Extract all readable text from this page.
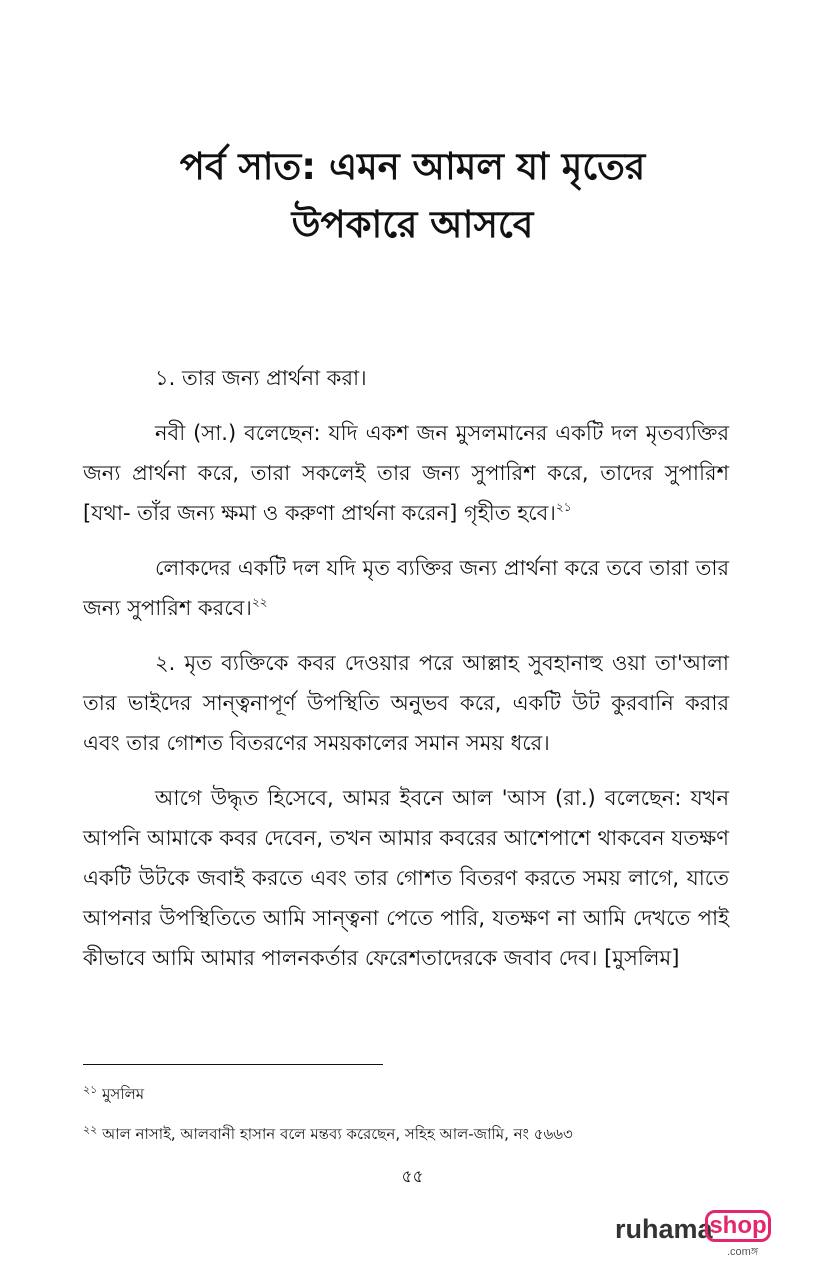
পর্ব সাত: এমন আমল যা মৃতের
উপকারে আসবে

১. তার জন্য প্রার্থনা করা।

নবী (সা.) বলেছেন: যদি একশ জন মুসলমানের একটি দল মৃতব্যক্তির জন্য প্রার্থনা করে, তারা সকলেই তার জন্য সুপারিশ করে, তাদের সুপারিশ [যথা- তাঁর জন্য ক্ষমা ও করুণা প্রার্থনা করেন] গৃহীত হবে।$^{২১}$

লোকদের একটি দল যদি মৃত ব্যক্তির জন্য প্রার্থনা করে তবে তারা তার জন্য সুপারিশ করবে।$^{২২}$

২. মৃত ব্যক্তিকে কবর দেওয়ার পরে আল্লাহ সুবহানাহু ওয়া তা'আলা তার ভাইদের সান্ত্বনাপূর্ণ উপস্থিতি অনুভব করে, একটি উট কুরবানি করার এবং তার গোশত বিতরণের সময়কালের সমান সময় ধরে।

আগে উদ্ধৃত হিসেবে, আমর ইবনে আল 'আস (রা.) বলেছেন: যখন আপনি আমাকে কবর দেবেন, তখন আমার কবরের আশেপাশে থাকবেন যতক্ষণ একটি উটকে জবাই করতে এবং তার গোশত বিতরণ করতে সময় লাগে, যাতে আপনার উপস্থিতিতে আমি সান্ত্বনা পেতে পারি, যতক্ষণ না আমি দেখতে পাই কীভাবে আমি আমার পালনকর্তার ফেরেশতাদেরকে জবাব দেব। [মুসলিম]

$^{২১}$ মুসলিম
$^{২২}$ আল নাসাই, আলবানী হাসান বলে মন্তব্য করেছেন, সহিহ আল-জামি, নং ৫৬৬৩
৫৫
ruhama
shop
.comঙ্গ
